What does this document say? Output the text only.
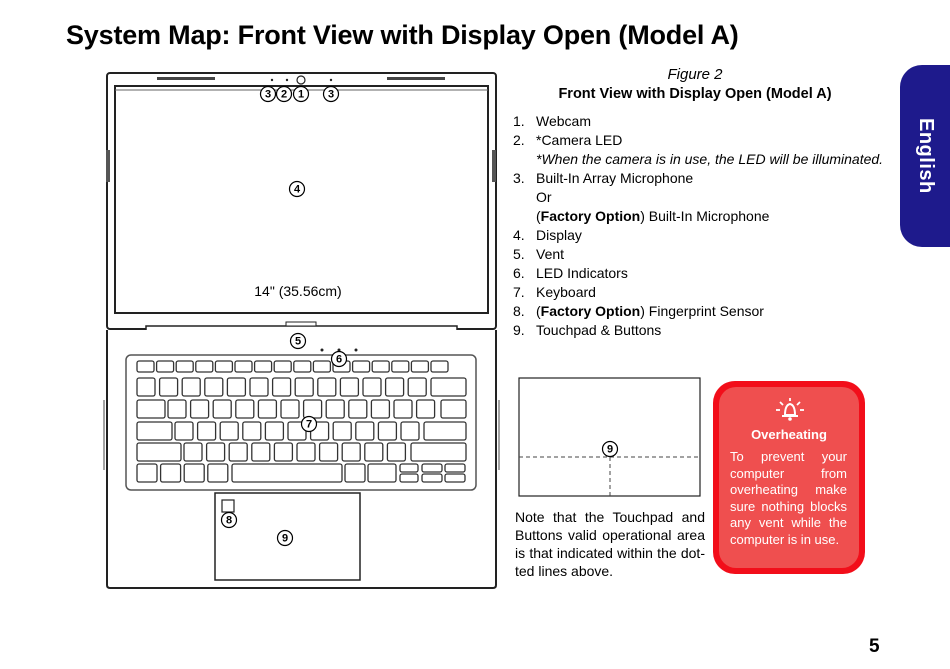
System Map: Front View with Display Open (Model A)
English
3 2 1 3
4
5
6
7
8
9
14" (35.56cm)
9
Figure 2
Front View with Display Open (Model A)
1. Webcam
2. *Camera LED
*When the camera is in use, the LED will be illuminated.
3. Built-In Array Microphone
Or
(Factory Option) Built-In Microphone
4. Display
5. Vent
6. LED Indicators
7. Keyboard
8. (Factory Option) Fingerprint Sensor
9. Touchpad & Buttons
Note that the Touchpad and Buttons valid operational area is that indicated within the dot-ted lines above.
Overheating
To prevent your computer from overheating make sure nothing blocks any vent while the computer is in use.
5
